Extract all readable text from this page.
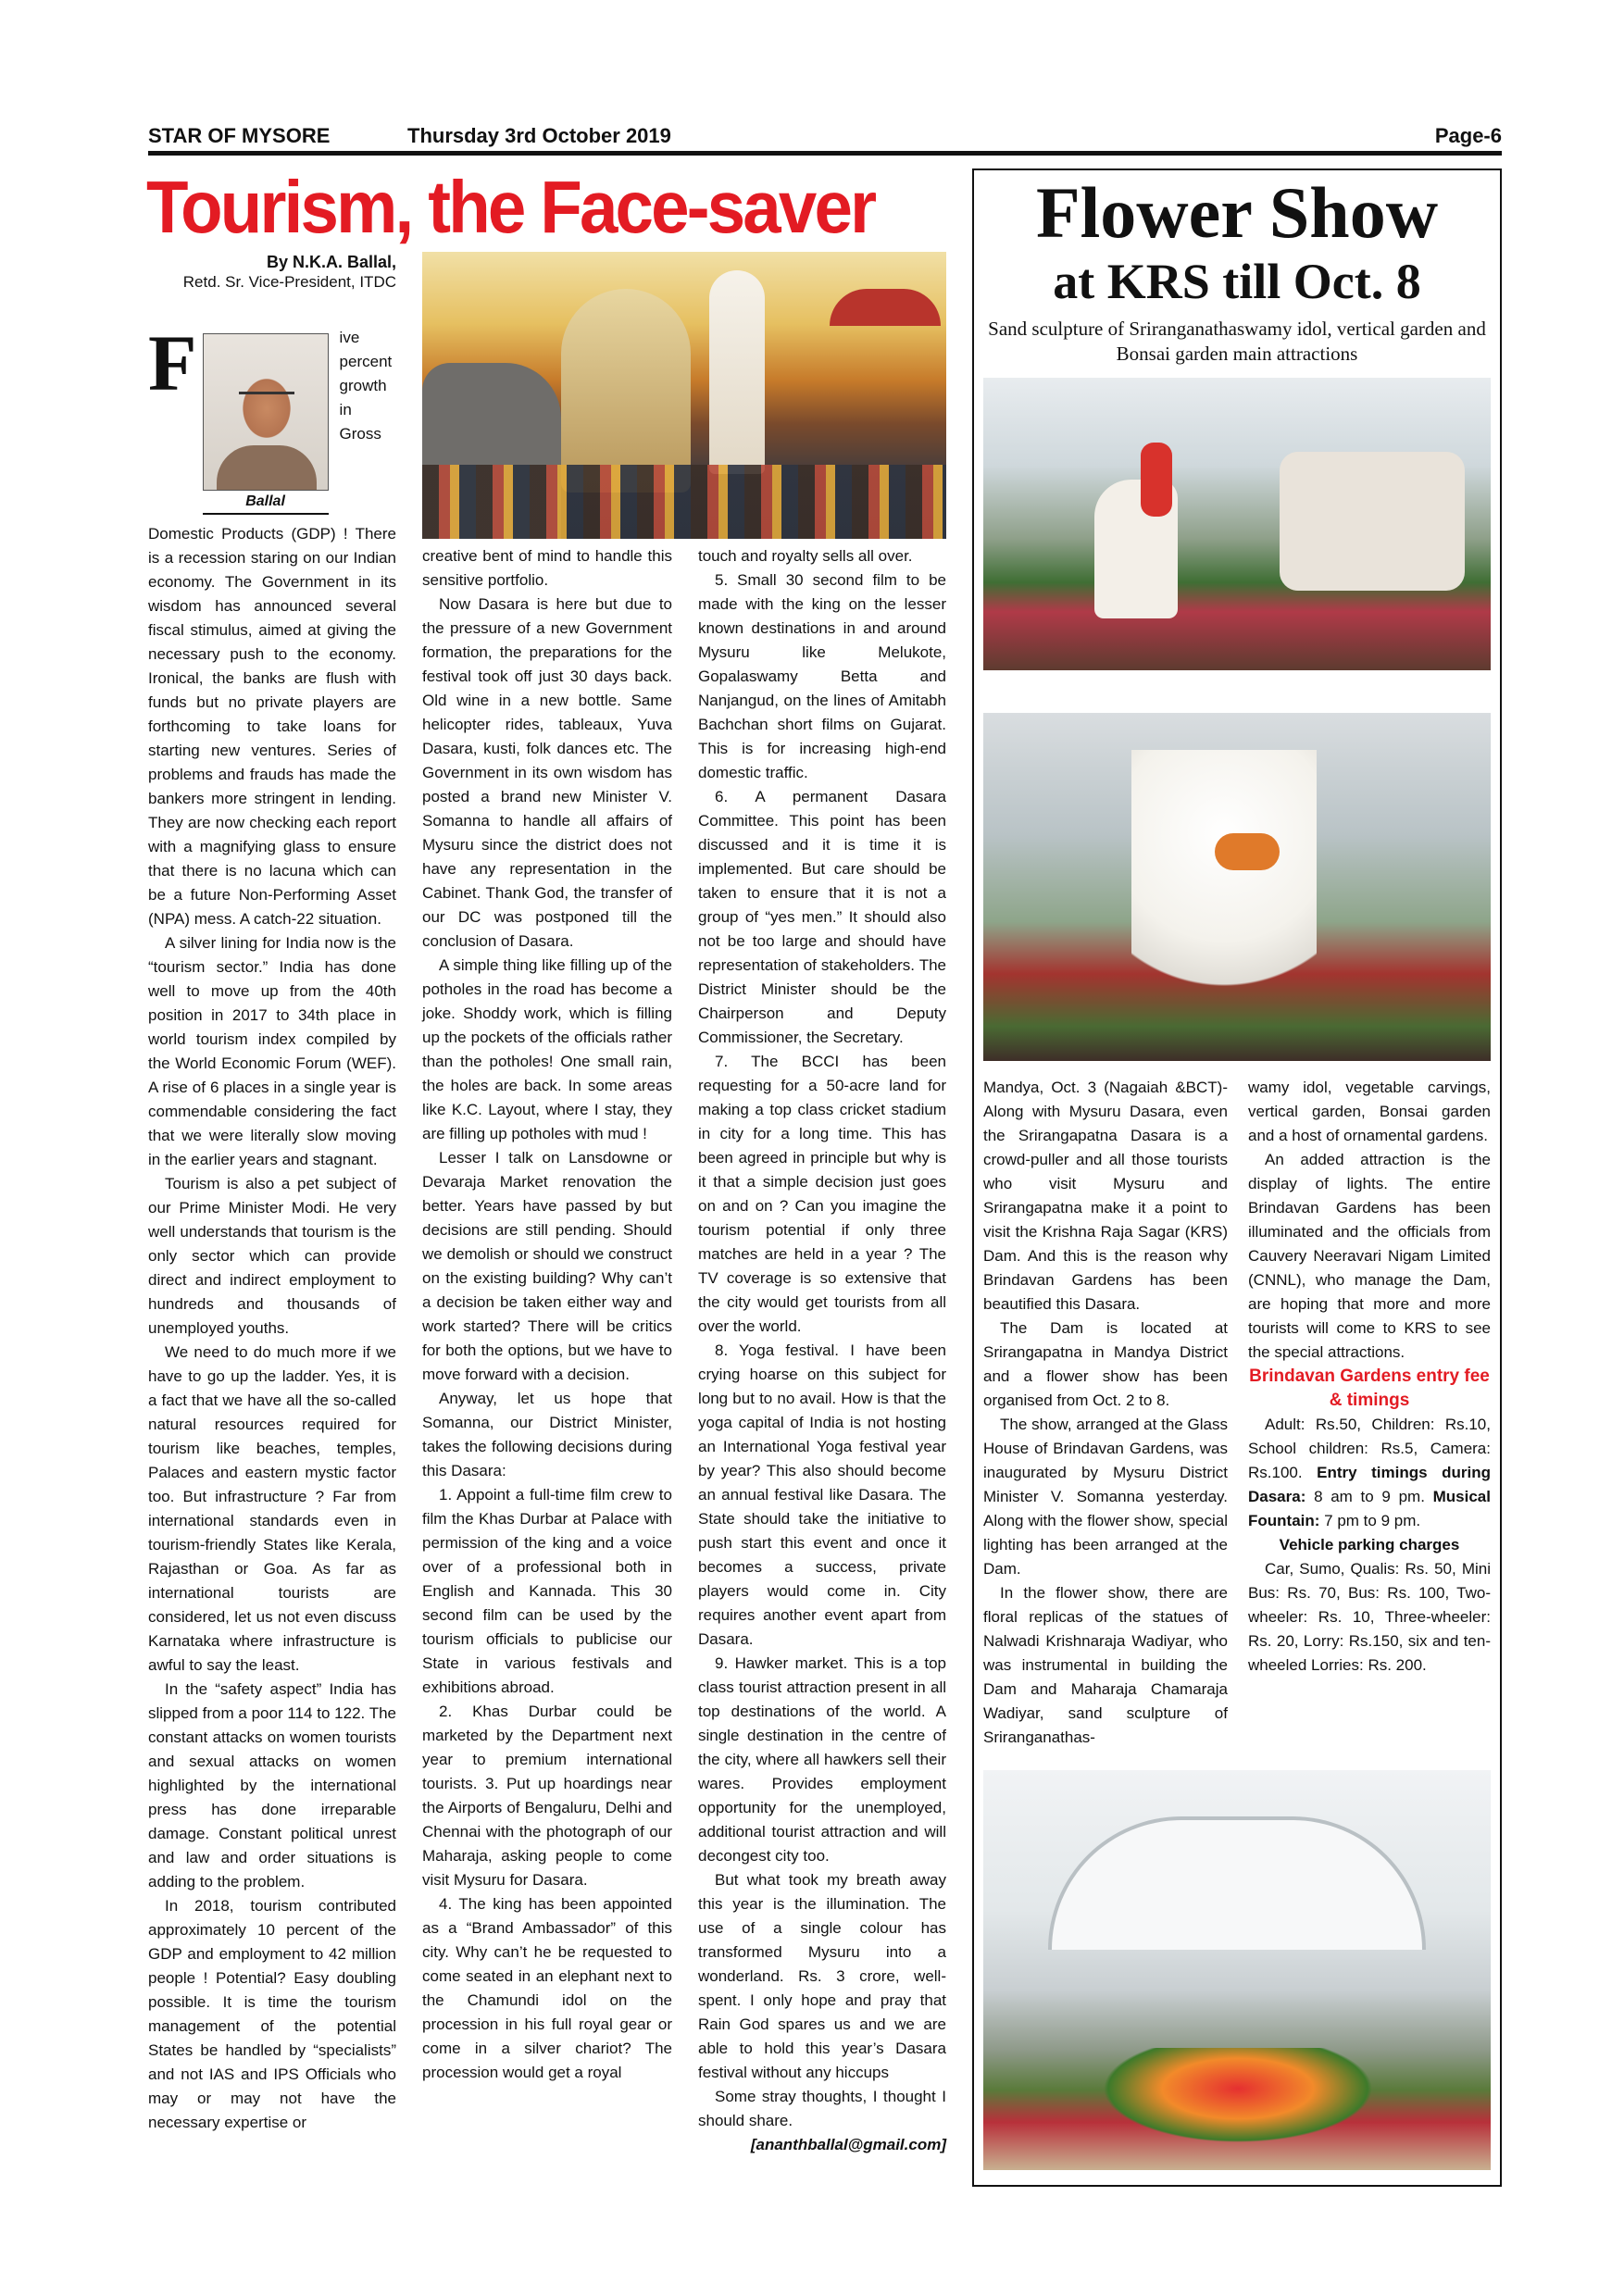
STAR OF MYSORE	Thursday 3rd October 2019	Page-6
Tourism, the Face-saver
By N.K.A. Ballal,
Retd. Sr. Vice-President, ITDC
F
Ballal

ive percent growth in Gross Domestic Products (GDP) ! There is a recession staring on our Indian economy. The Government in its wisdom has announced several fiscal stimulus, aimed at giving the necessary push to the economy. Ironical, the banks are flush with funds but no private players are forthcoming to take loans for starting new ventures. Series of problems and frauds has made the bankers more stringent in lending. They are now checking each report with a magnifying glass to ensure that there is no lacuna which can be a future Non-Performing Asset (NPA) mess. A catch-22 situation.

A silver lining for India now is the “tourism sector.” India has done well to move up from the 40th position in 2017 to 34th place in world tourism index compiled by the World Economic Forum (WEF). A rise of 6 places in a single year is commendable considering the fact that we were literally slow moving in the earlier years and stagnant.

Tourism is also a pet subject of our Prime Minister Modi. He very well understands that tourism is the only sector which can provide direct and indirect employment to hundreds and thousands of unemployed youths.

We need to do much more if we have to go up the ladder. Yes, it is a fact that we have all the so-called natural resources required for tourism like beaches, temples, Palaces and eastern mystic factor too. But infrastructure ? Far from international standards even in tourism-friendly States like Kerala, Rajasthan or Goa. As far as international tourists are considered, let us not even discuss Karnataka where infrastructure is awful to say the least.

In the “safety aspect” India has slipped from a poor 114 to 122. The constant attacks on women tourists and sexual attacks on women highlighted by the international press has done irreparable damage. Constant political unrest and law and order situations is adding to the problem.

In 2018, tourism contributed approximately 10 percent of the GDP and employment to 42 million people ! Potential? Easy doubling possible. It is time the tourism management of the potential States be handled by “specialists” and not IAS and IPS Officials who may or may not have the necessary expertise or

creative bent of mind to handle this sensitive portfolio.

Now Dasara is here but due to the pressure of a new Government formation, the preparations for the festival took off just 30 days back. Old wine in a new bottle. Same helicopter rides, tableaux, Yuva Dasara, kusti, folk dances etc. The Government in its own wisdom has posted a brand new Minister V. Somanna to handle all affairs of Mysuru since the district does not have any representation in the Cabinet. Thank God, the transfer of our DC was postponed till the conclusion of Dasara.

A simple thing like filling up of the potholes in the road has become a joke. Shoddy work, which is filling up the pockets of the officials rather than the potholes! One small rain, the holes are back. In some areas like K.C. Layout, where I stay, they are filling up potholes with mud !

Lesser I talk on Lansdowne or Devaraja Market renovation the better. Years have passed by but decisions are still pending. Should we demolish or should we construct on the existing building? Why can’t a decision be taken either way and work started? There will be critics for both the options, but we have to move forward with a decision.

Anyway, let us hope that Somanna, our District Minister, takes the following decisions during this Dasara:

1. Appoint a full-time film crew to film the Khas Durbar at Palace with permission of the king and a voice over of a professional both in English and Kannada. This 30 second film can be used by the tourism officials to publicise our State in various festivals and exhibitions abroad.

2. Khas Durbar could be marketed by the Department next year to premium international tourists. 3. Put up hoardings near the Airports of Bengaluru, Delhi and Chennai with the photograph of our Maharaja, asking people to come visit Mysuru for Dasara.

4. The king has been appointed as a “Brand Ambassador” of this city. Why can’t he be requested to come seated in an elephant next to the Chamundi idol on the procession in his full royal gear or come in a silver chariot? The procession would get a royal

touch and royalty sells all over.

5. Small 30 second film to be made with the king on the lesser known destinations in and around Mysuru like Melukote, Gopalaswamy Betta and Nanjangud, on the lines of Amitabh Bachchan short films on Gujarat. This is for increasing high-end domestic traffic.

6. A permanent Dasara Committee. This point has been discussed and it is time it is implemented. But care should be taken to ensure that it is not a group of “yes men.” It should also not be too large and should have representation of stakeholders. The District Minister should be the Chairperson and Deputy Commissioner, the Secretary.

7. The BCCI has been requesting for a 50-acre land for making a top class cricket stadium in city for a long time. This has been agreed in principle but why is it that a simple decision just goes on and on ? Can you imagine the tourism potential if only three matches are held in a year ? The TV coverage is so extensive that the city would get tourists from all over the world.

8. Yoga festival. I have been crying hoarse on this subject for long but to no avail. How is that the yoga capital of India is not hosting an International Yoga festival year by year? This also should become an annual festival like Dasara. The State should take the initiative to push start this event and once it becomes a success, private players would come in. City requires another event apart from Dasara.

9. Hawker market. This is a top class tourist attraction present in all top destinations of the world. A single destination in the centre of the city, where all hawkers sell their wares. Provides employment opportunity for the unemployed, additional tourist attraction and will decongest city too.

But what took my breath away this year is the illumination. The use of a single colour has transformed Mysuru into a wonderland. Rs. 3 crore, well-spent. I only hope and pray that Rain God spares us and we are able to hold this year’s Dasara festival without any hiccups

Some stray thoughts, I thought I should share.

[ananthballal@gmail.com]

Flower Show
at KRS till Oct. 8
Sand sculpture of Sriranganathaswamy idol, vertical garden and Bonsai garden main attractions

Mandya, Oct. 3 (Nagaiah &BCT)- Along with Mysuru Dasara, even the Srirangapatna Dasara is a crowd-puller and all those tourists who visit Mysuru and Srirangapatna make it a point to visit the Krishna Raja Sagar (KRS) Dam. And this is the reason why Brindavan Gardens has been beautified this Dasara.

The Dam is located at Srirangapatna in Mandya District and a flower show has been organised from Oct. 2 to 8.

The show, arranged at the Glass House of Brindavan Gardens, was inaugurated by Mysuru District Minister V. Somanna yesterday. Along with the flower show, special lighting has been arranged at the Dam.

In the flower show, there are floral replicas of the statues of Nalwadi Krishnaraja Wadiyar, who was instrumental in building the Dam and Maharaja Chamaraja Wadiyar, sand sculpture of Sriranganathas-

wamy idol, vegetable carvings, vertical garden, Bonsai garden and a host of ornamental gardens.

An added attraction is the display of lights. The entire Brindavan Gardens has been illuminated and the officials from Cauvery Neeravari Nigam Limited (CNNL), who manage the Dam, are hoping that more and more tourists will come to KRS to see the special attractions.

Brindavan Gardens entry fee & timings

Adult: Rs.50, Children: Rs.10, School children: Rs.5, Camera: Rs.100. Entry timings during Dasara: 8 am to 9 pm. Musical Fountain: 7 pm to 9 pm.

Vehicle parking charges

Car, Sumo, Qualis: Rs. 50, Mini Bus: Rs. 70, Bus: Rs. 100, Two-wheeler: Rs. 10, Three-wheeler: Rs. 20, Lorry: Rs.150, six and ten-wheeled Lorries: Rs. 200.
